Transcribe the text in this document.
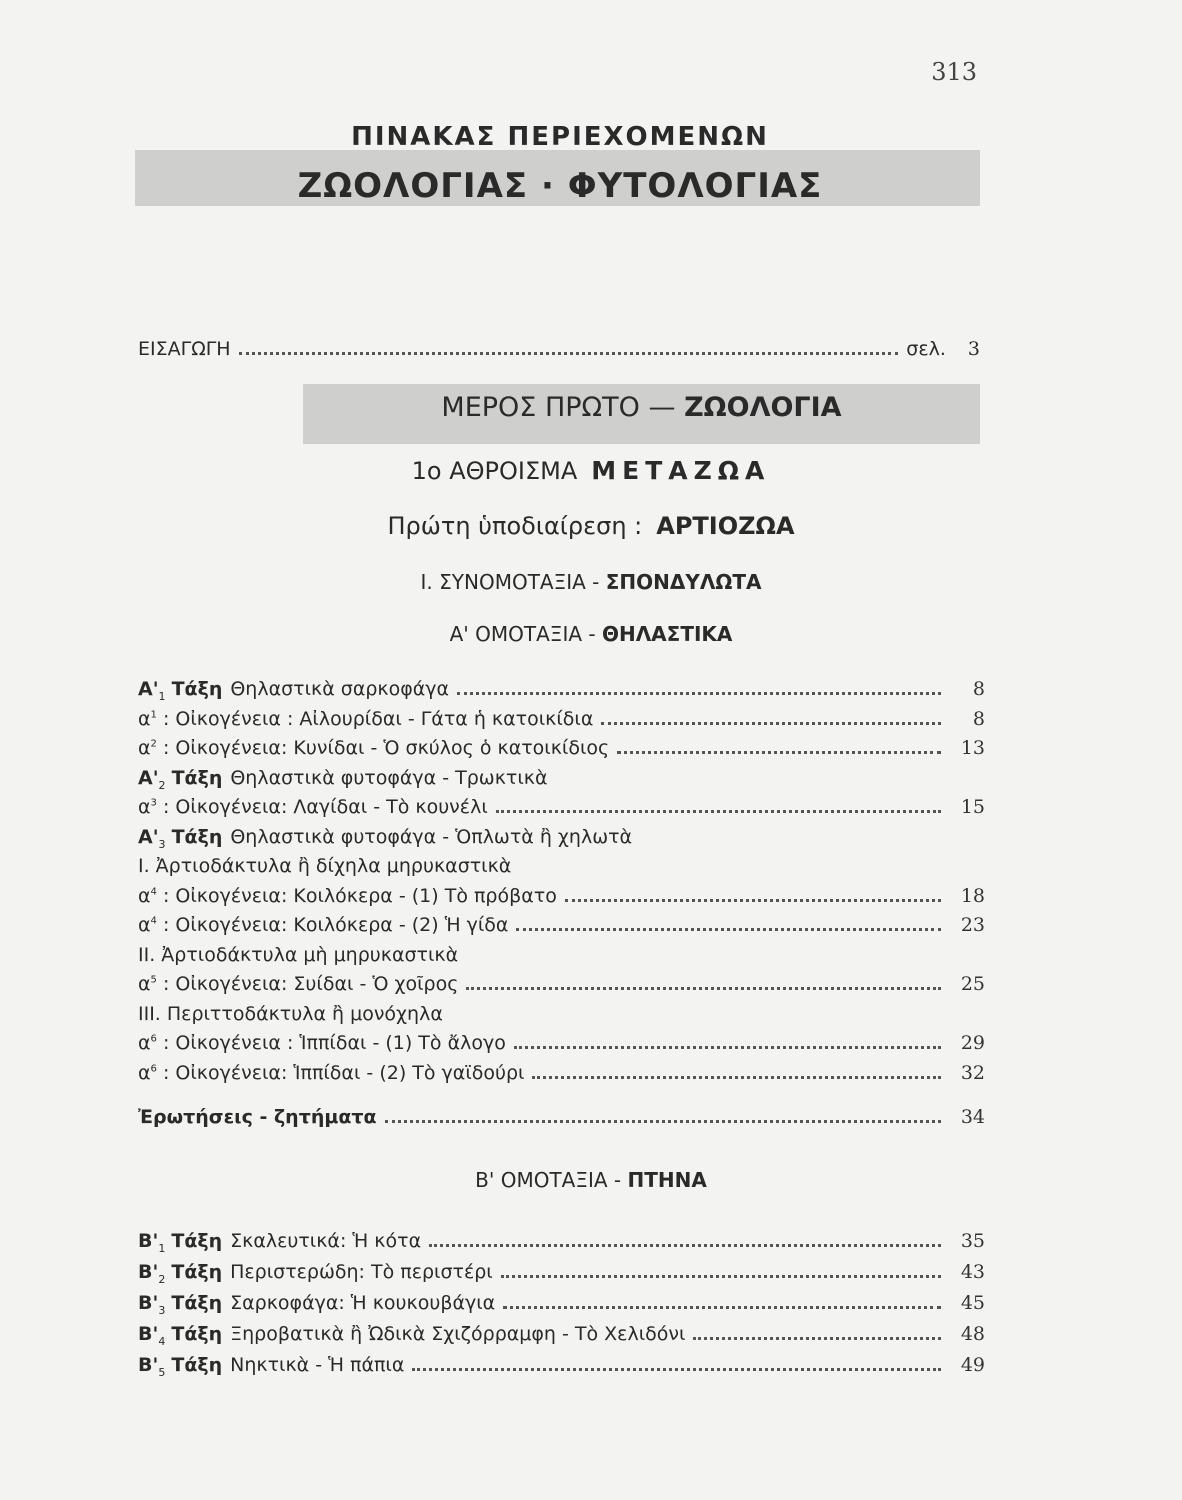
313
ΠΙΝΑΚΑΣ ΠΕΡΙΕΧΟΜΕΝΩΝ
ΖΩΟΛΟΓΙΑΣ · ΦΥΤΟΛΟΓΙΑΣ
ΕΙΣΑΓΩΓΗ	σελ. 3
ΜΕΡΟΣ ΠΡΩΤΟ — ΖΩΟΛΟΓΙΑ
1ο ΑΘΡΟΙΣΜΑ ΜΕΤΑΖΩΑ
Πρώτη ὑποδιαίρεση : ΑΡΤΙΟΖΩΑ
Ι. ΣΥΝΟΜΟΤΑΞΙΑ - ΣΠΟΝΔΥΛΩΤΑ
Α' ΟΜΟΤΑΞΙΑ - ΘΗΛΑΣΤΙΚΑ
$A'_1$ Τάξη Θηλαστικὰ σαρκοφάγα	8
$\alpha^1$ : Οἰκογένεια : Αἰλουρίδαι - Γάτα ἡ κατοικίδια	8
$\alpha^2$ : Οἰκογένεια: Κυνίδαι - Ὁ σκύλος ὁ κατοικίδιος	13
$A'_2$ Τάξη Θηλαστικὰ φυτοφάγα - Τρωκτικὰ
$\alpha^3$ : Οἰκογένεια: Λαγίδαι - Τὸ κουνέλι	15
$A'_3$ Τάξη Θηλαστικὰ φυτοφάγα - Ὁπλωτὰ ἢ χηλωτὰ
Ι. Ἀρτιοδάκτυλα ἢ δίχηλα μηρυκαστικὰ
$\alpha^4$ : Οἰκογένεια: Κοιλόκερα - (1) Τὸ πρόβατο	18
$\alpha^4$ : Οἰκογένεια: Κοιλόκερα - (2) Ἡ γίδα	23
ΙΙ. Ἀρτιοδάκτυλα μὴ μηρυκαστικὰ
$\alpha^5$ : Οἰκογένεια: Συίδαι - Ὁ χοῖρος	25
ΙΙΙ. Περιττοδάκτυλα ἢ μονόχηλα
$\alpha^6$ : Οἰκογένεια : Ἱππίδαι - (1) Τὸ ἄλογο	29
$\alpha^6$ : Οἰκογένεια: Ἱππίδαι - (2) Τὸ γαϊδούρι	32
Ἐρωτήσεις - ζητήματα	34
Β' ΟΜΟΤΑΞΙΑ - ΠΤΗΝΑ
$B'_1$ Τάξη Σκαλευτικά: Ἡ κότα	35
$B'_2$ Τάξη Περιστερώδη: Τὸ περιστέρι	43
$B'_3$ Τάξη Σαρκοφάγα: Ἡ κουκουβάγια	45
$B'_4$ Τάξη Ξηροβατικὰ ἢ Ὠδικὰ Σχιζόρραμφη - Τὸ Χελιδόνι	48
$B'_5$ Τάξη Νηκτικὰ - Ἡ πάπια	49
